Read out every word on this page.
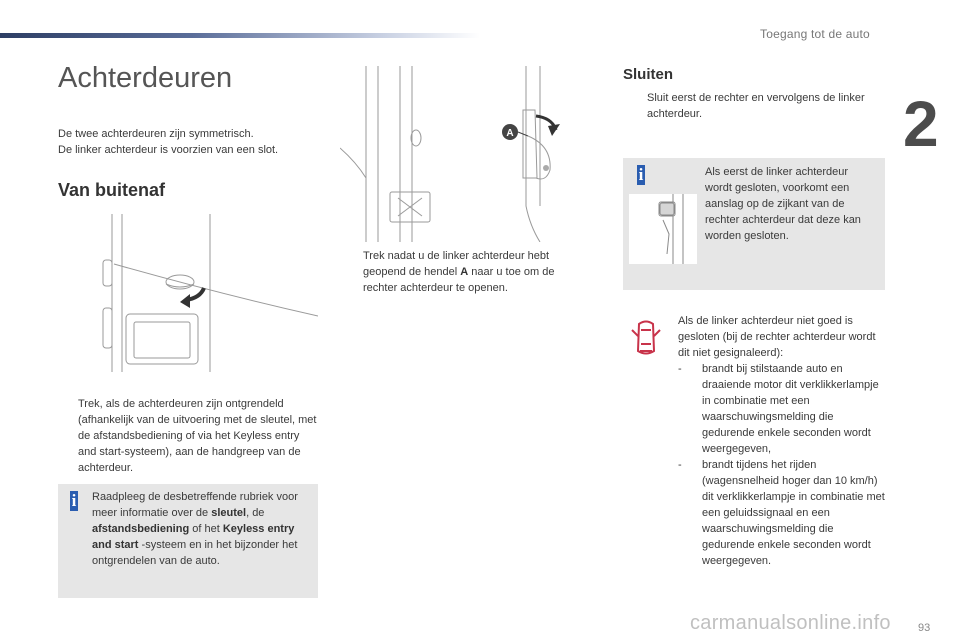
Toegang tot de auto
2
93
Achterdeuren
De twee achterdeuren zijn symmetrisch.
De linker achterdeur is voorzien van een slot.
Van buitenaf
Trek, als de achterdeuren zijn ontgrendeld (afhankelijk van de uitvoering met de sleutel, met de afstandsbediening of via het Keyless entry and start-systeem), aan de handgreep van de achterdeur.
i Raadpleeg de desbetreffende rubriek voor meer informatie over de sleutel, de afstandsbediening of het Keyless entry and start -systeem en in het bijzonder het ontgrendelen van de auto.
A
Trek nadat u de linker achterdeur hebt geopend de hendel A naar u toe om de rechter achterdeur te openen.
Sluiten
Sluit eerst de rechter en vervolgens de linker achterdeur.
i	Als eerst de linker achterdeur wordt gesloten, voorkomt een aanslag op de zijkant van de rechter achterdeur dat deze kan worden gesloten.
Als de linker achterdeur niet goed is gesloten (bij de rechter achterdeur wordt dit niet gesignaleerd):
- brandt bij stilstaande auto en draaiende motor dit verklikkerlampje in combinatie met een waarschuwingsmelding die gedurende enkele seconden wordt weergegeven,
- brandt tijdens het rijden (wagensnelheid hoger dan 10 km/h) dit verklikkerlampje in combinatie met een geluidssignaal en een waarschuwingsmelding die gedurende enkele seconden wordt weergegeven.
carmanualsonline.info
